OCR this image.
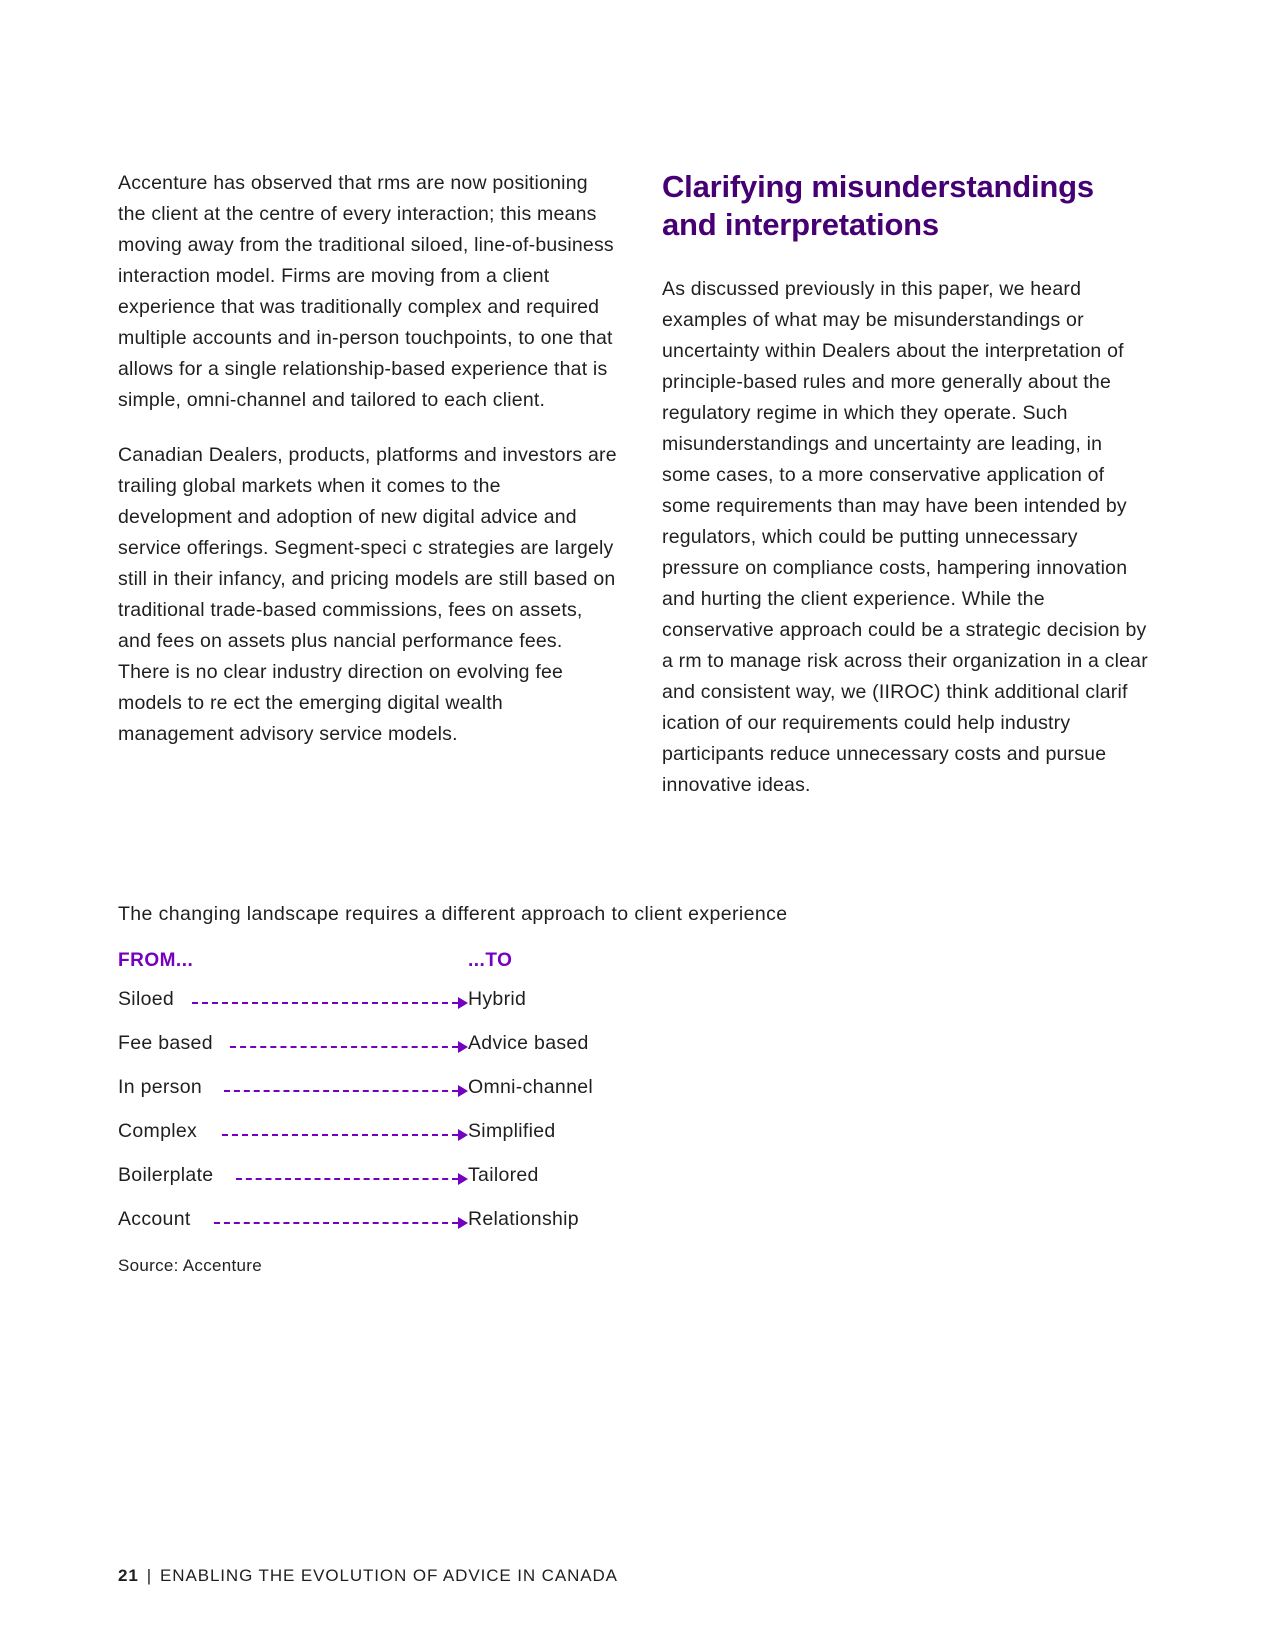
Accenture has observed that rms are now positioning the client at the centre of every interaction; this means moving away from the traditional siloed, line-of-business interaction model. Firms are moving from a client experience that was traditionally complex and required multiple accounts and in-person touchpoints, to one that allows for a single relationship-based experience that is simple, omni-channel and tailored to each client.

Canadian Dealers, products, platforms and investors are trailing global markets when it comes to the development and adoption of new digital advice and service offerings. Segment-speci c strategies are largely still in their infancy, and pricing models are still based on traditional trade-based commissions, fees on assets, and fees on assets plus nancial performance fees. There is no clear industry direction on evolving fee models to re ect the emerging digital wealth management advisory service models.

Clarifying misunderstandings and interpretations

As discussed previously in this paper, we heard examples of what may be misunderstandings or uncertainty within Dealers about the interpretation of principle-based rules and more generally about the regulatory regime in which they operate. Such misunderstandings and uncertainty are leading, in some cases, to a more conservative application of some requirements than may have been intended by regulators, which could be putting unnecessary pressure on compliance costs, hampering innovation and hurting the client experience. While the conservative approach could be a strategic decision by a rm to manage risk across their organization in a clear and consistent way, we (IIROC) think additional clarif ication of our requirements could help industry participants reduce unnecessary costs and pursue innovative ideas.

The changing landscape requires a different approach to client experience

FROM...	...TO
Siloed	Hybrid
Fee based	Advice based
In person	Omni-channel
Complex	Simplified
Boilerplate	Tailored
Account	Relationship
Source: Accenture
21 | ENABLING THE EVOLUTION OF ADVICE IN CANADA
